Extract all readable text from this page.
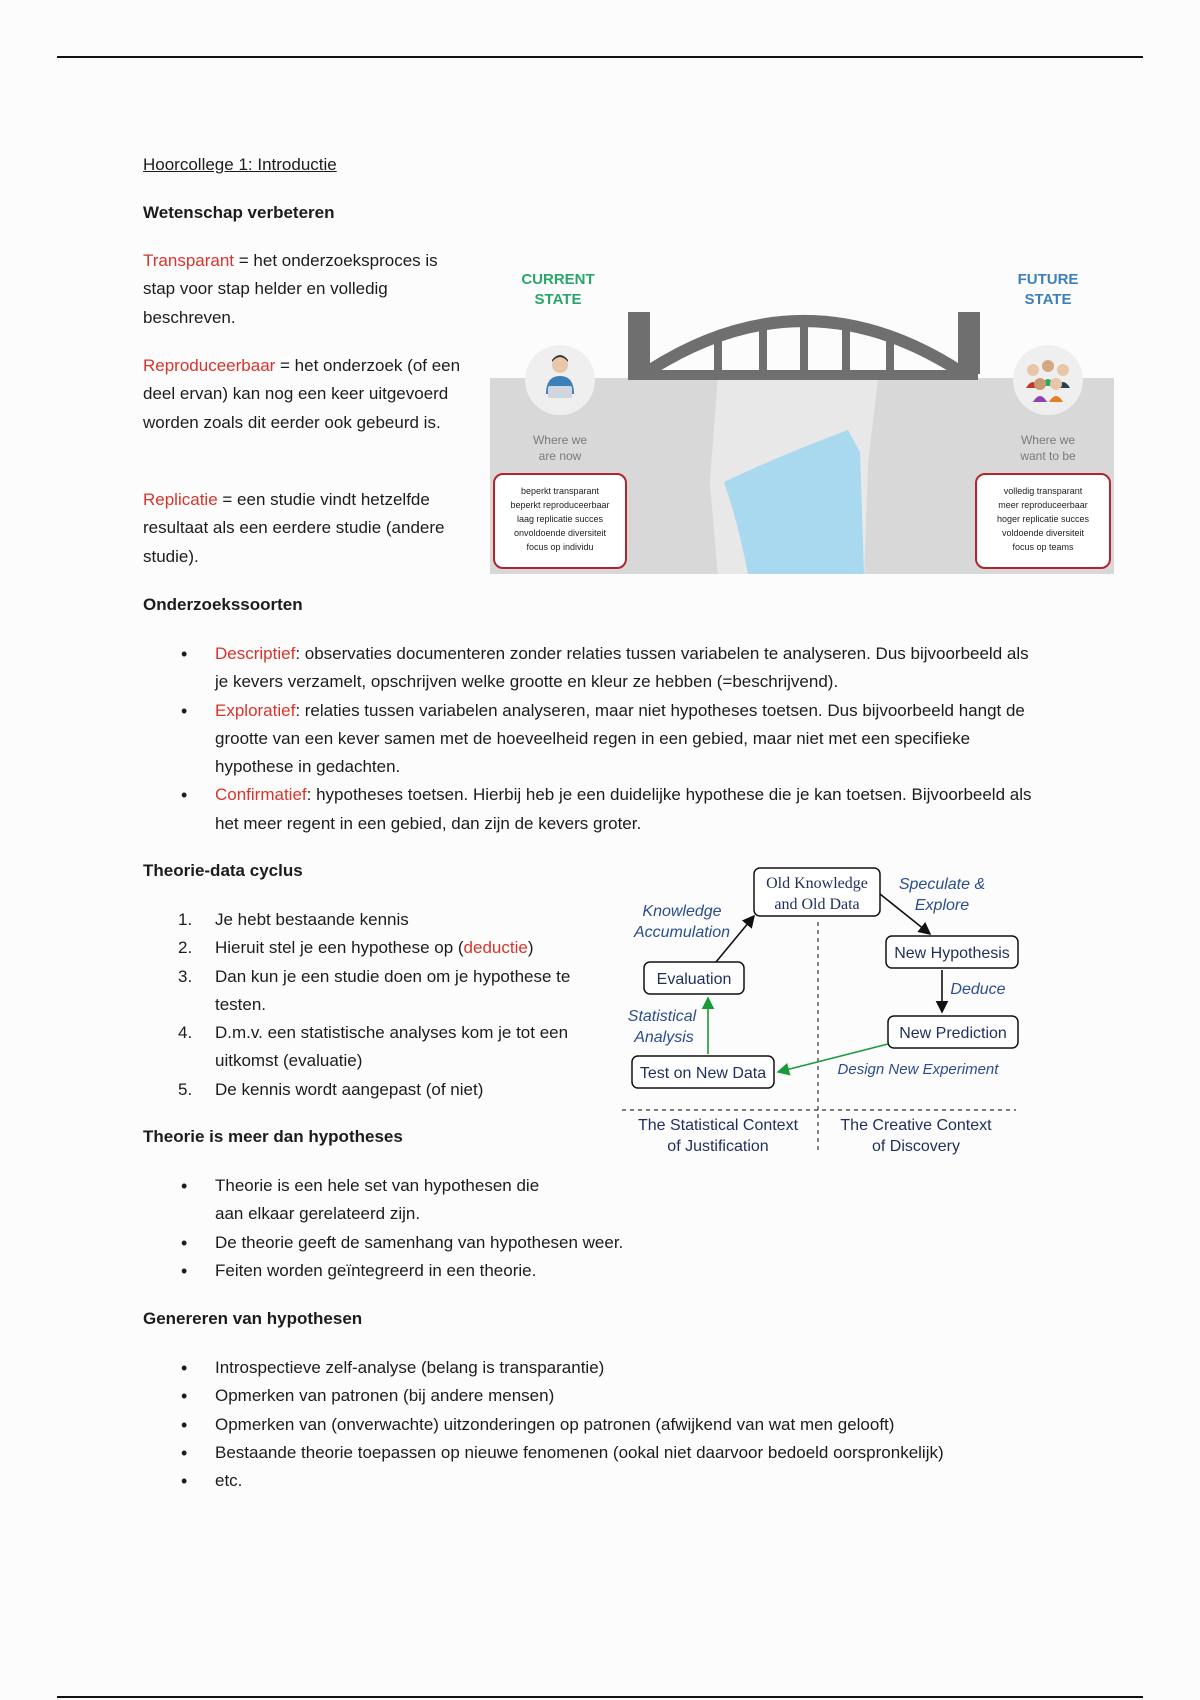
Hoorcollege 1: Introductie
Wetenschap verbeteren
Transparant = het onderzoeksproces is stap voor stap helder en volledig beschreven.
Reproduceerbaar = het onderzoek (of een deel ervan) kan nog een keer uitgevoerd worden zoals dit eerder ook gebeurd is.
Replicatie = een studie vindt hetzelfde resultaat als een eerdere studie (andere studie).
CURRENT
STATE
FUTURE
STATE
Where we
are now
Where we
want to be
beperkt transparant
beperkt reproduceerbaar
laag replicatie succes
onvoldoende diversiteit
focus op individu
volledig transparant
meer reproduceerbaar
hoger replicatie succes
voldoende diversiteit
focus op teams
Onderzoekssoorten
• Descriptief: observaties documenteren zonder relaties tussen variabelen te analyseren. Dus bijvoorbeeld als je kevers verzamelt, opschrijven welke grootte en kleur ze hebben (=beschrijvend).
• Exploratief: relaties tussen variabelen analyseren, maar niet hypotheses toetsen. Dus bijvoorbeeld hangt de grootte van een kever samen met de hoeveelheid regen in een gebied, maar niet met een specifieke hypothese in gedachten.
• Confirmatief: hypotheses toetsen. Hierbij heb je een duidelijke hypothese die je kan toetsen. Bijvoorbeeld als het meer regent in een gebied, dan zijn de kevers groter.
Theorie-data cyclus
1. Je hebt bestaande kennis
2. Hieruit stel je een hypothese op (deductie)
3. Dan kun je een studie doen om je hypothese te testen.
4. D.m.v. een statistische analyses kom je tot een uitkomst (evaluatie)
5. De kennis wordt aangepast (of niet)
Old Knowledge
and Old Data
Speculate &
Explore
Knowledge
Accumulation
New Hypothesis
Evaluation
Deduce
Statistical
Analysis	New Prediction
Test on New Data	Design New Experiment
The Statistical Context
of Justification
The Creative Context
of Discovery
Theorie is meer dan hypotheses
• Theorie is een hele set van hypothesen die aan elkaar gerelateerd zijn.
• De theorie geeft de samenhang van hypothesen weer.
• Feiten worden geïntegreerd in een theorie.
Genereren van hypothesen
• Introspectieve zelf-analyse (belang is transparantie)
• Opmerken van patronen (bij andere mensen)
• Opmerken van (onverwachte) uitzonderingen op patronen (afwijkend van wat men gelooft)
• Bestaande theorie toepassen op nieuwe fenomenen (ookal niet daarvoor bedoeld oorspronkelijk)
• etc.
